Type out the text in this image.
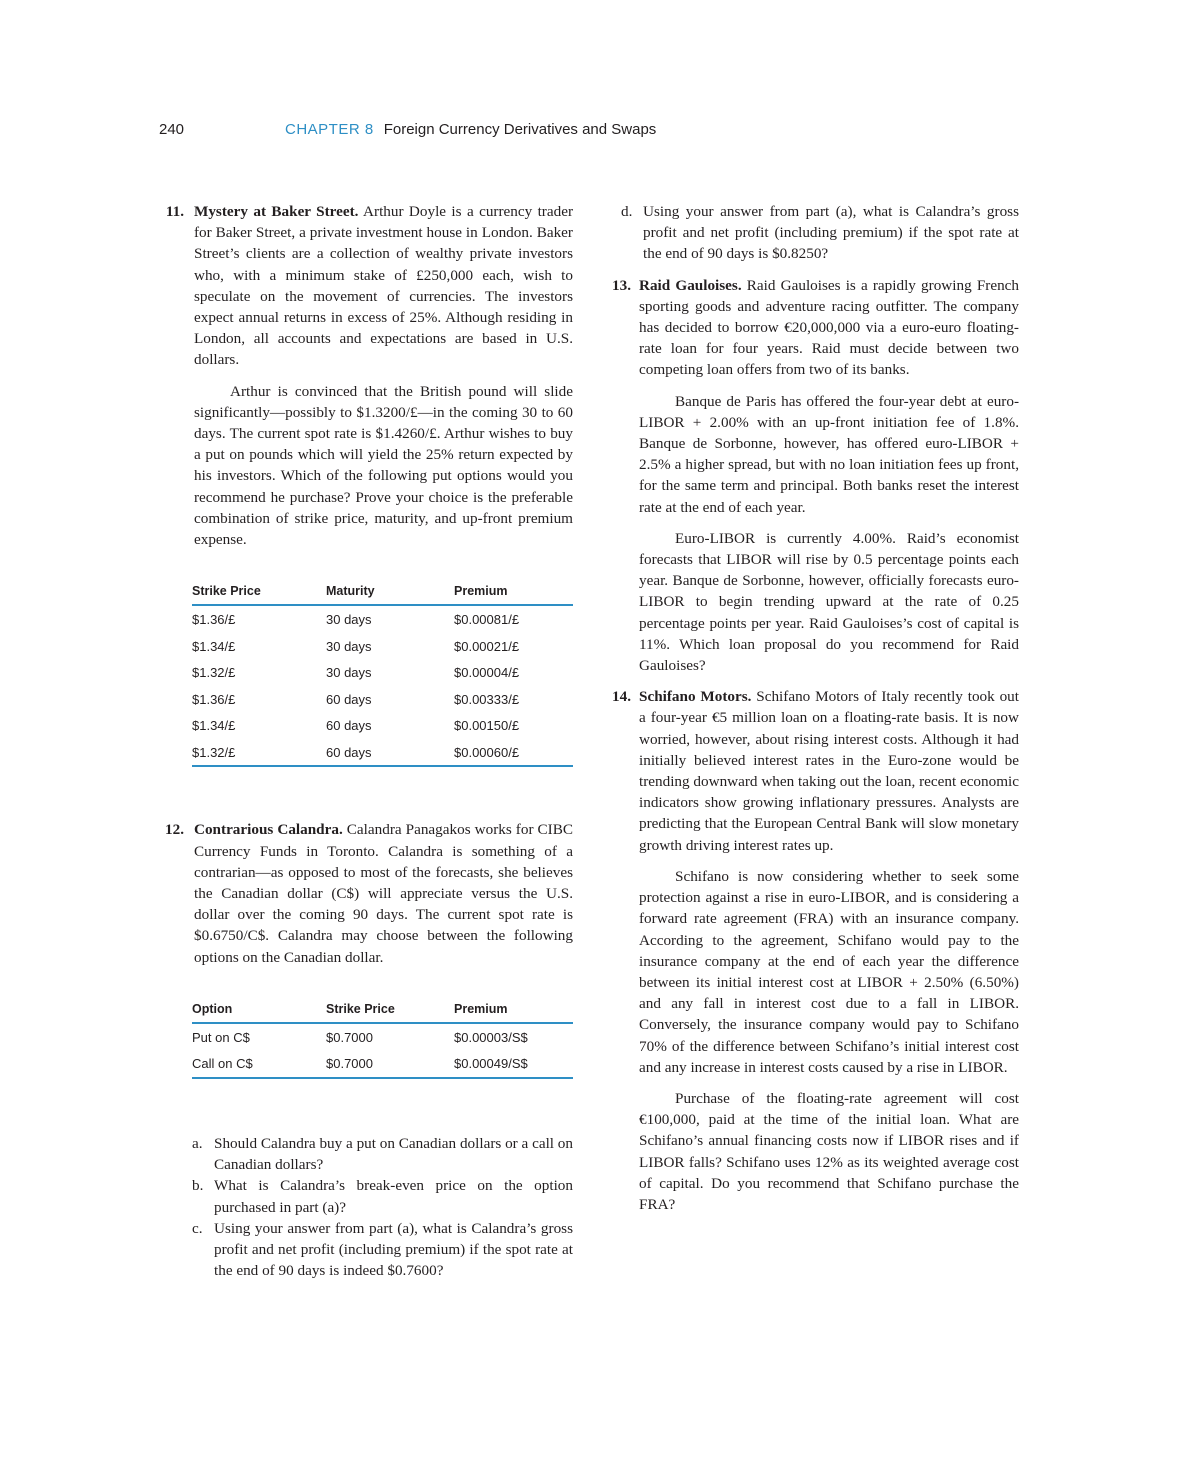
240	CHAPTER 8 Foreign Currency Derivatives and Swaps
11. Mystery at Baker Street. Arthur Doyle is a currency trader for Baker Street, a private investment house in London. Baker Street’s clients are a collection of wealthy private investors who, with a minimum stake of £250,000 each, wish to speculate on the movement of currencies. The investors expect annual returns in excess of 25%. Although residing in London, all accounts and expectations are based in U.S. dollars.

Arthur is convinced that the British pound will slide significantly—possibly to $1.3200/£—in the coming 30 to 60 days. The current spot rate is $1.4260/£. Arthur wishes to buy a put on pounds which will yield the 25% return expected by his investors. Which of the following put options would you recommend he purchase? Prove your choice is the preferable combination of strike price, maturity, and up-front premium expense.

Strike Price	Maturity	Premium
$1.36/£	30 days	$0.00081/£
$1.34/£	30 days	$0.00021/£
$1.32/£	30 days	$0.00004/£
$1.36/£	60 days	$0.00333/£
$1.34/£	60 days	$0.00150/£
$1.32/£	60 days	$0.00060/£
12. Contrarious Calandra. Calandra Panagakos works for CIBC Currency Funds in Toronto. Calandra is something of a contrarian—as opposed to most of the forecasts, she believes the Canadian dollar (C$) will appreciate versus the U.S. dollar over the coming 90 days. The current spot rate is $0.6750/C$. Calandra may choose between the following options on the Canadian dollar.

Option	Strike Price	Premium
Put on C$	$0.7000	$0.00003/S$
Call on C$	$0.7000	$0.00049/S$

a. Should Calandra buy a put on Canadian dollars or a call on Canadian dollars?

b. What is Calandra’s break-even price on the option purchased in part (a)?

c. Using your answer from part (a), what is Calandra’s gross profit and net profit (including premium) if the spot rate at the end of 90 days is indeed $0.7600?

d. Using your answer from part (a), what is Calandra’s gross profit and net profit (including premium) if the spot rate at the end of 90 days is $0.8250?

13. Raid Gauloises. Raid Gauloises is a rapidly growing French sporting goods and adventure racing outfitter. The company has decided to borrow €20,000,000 via a euro-euro floating-rate loan for four years. Raid must decide between two competing loan offers from two of its banks.

Banque de Paris has offered the four-year debt at euro-LIBOR + 2.00% with an up-front initiation fee of 1.8%. Banque de Sorbonne, however, has offered euro-LIBOR + 2.5% a higher spread, but with no loan initiation fees up front, for the same term and principal. Both banks reset the interest rate at the end of each year.

Euro-LIBOR is currently 4.00%. Raid’s economist forecasts that LIBOR will rise by 0.5 percentage points each year. Banque de Sorbonne, however, officially forecasts euro-LIBOR to begin trending upward at the rate of 0.25 percentage points per year. Raid Gauloises’s cost of capital is 11%. Which loan proposal do you recommend for Raid Gauloises?

14. Schifano Motors. Schifano Motors of Italy recently took out a four-year €5 million loan on a floating-rate basis. It is now worried, however, about rising interest costs. Although it had initially believed interest rates in the Euro-zone would be trending downward when taking out the loan, recent economic indicators show growing inflationary pressures. Analysts are predicting that the European Central Bank will slow monetary growth driving interest rates up.

Schifano is now considering whether to seek some protection against a rise in euro-LIBOR, and is considering a forward rate agreement (FRA) with an insurance company. According to the agreement, Schifano would pay to the insurance company at the end of each year the difference between its initial interest cost at LIBOR + 2.50% (6.50%) and any fall in interest cost due to a fall in LIBOR. Conversely, the insurance company would pay to Schifano 70% of the difference between Schifano’s initial interest cost and any increase in interest costs caused by a rise in LIBOR.

Purchase of the floating-rate agreement will cost €100,000, paid at the time of the initial loan. What are Schifano’s annual financing costs now if LIBOR rises and if LIBOR falls? Schifano uses 12% as its weighted average cost of capital. Do you recommend that Schifano purchase the FRA?
